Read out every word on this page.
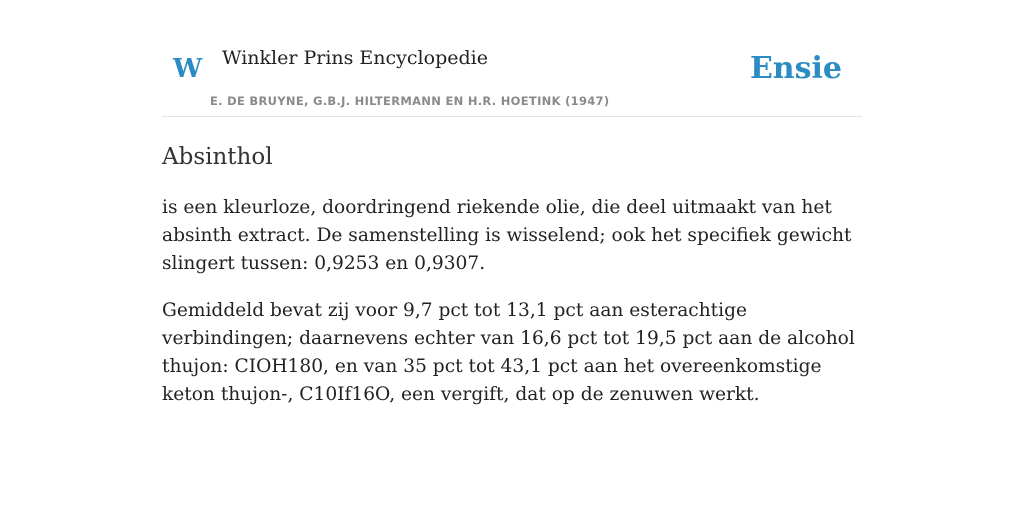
W Winkler Prins Encyclopedie
E. DE BRUYNE, G.B.J. HILTERMANN EN H.R. HOETINK (1947)
Ensie
Absinthol

is een kleurloze, doordringend riekende olie, die deel uitmaakt van het absinth extract. De samenstelling is wisselend; ook het specifiek gewicht slingert tussen: 0,9253 en 0,9307.

Gemiddeld bevat zij voor 9,7 pct tot 13,1 pct aan esterachtige verbindingen; daarnevens echter van 16,6 pct tot 19,5 pct aan de alcohol thujon: CIOH180, en van 35 pct tot 43,1 pct aan het overeenkomstige keton thujon-, C10If16O, een vergift, dat op de zenuwen werkt.
